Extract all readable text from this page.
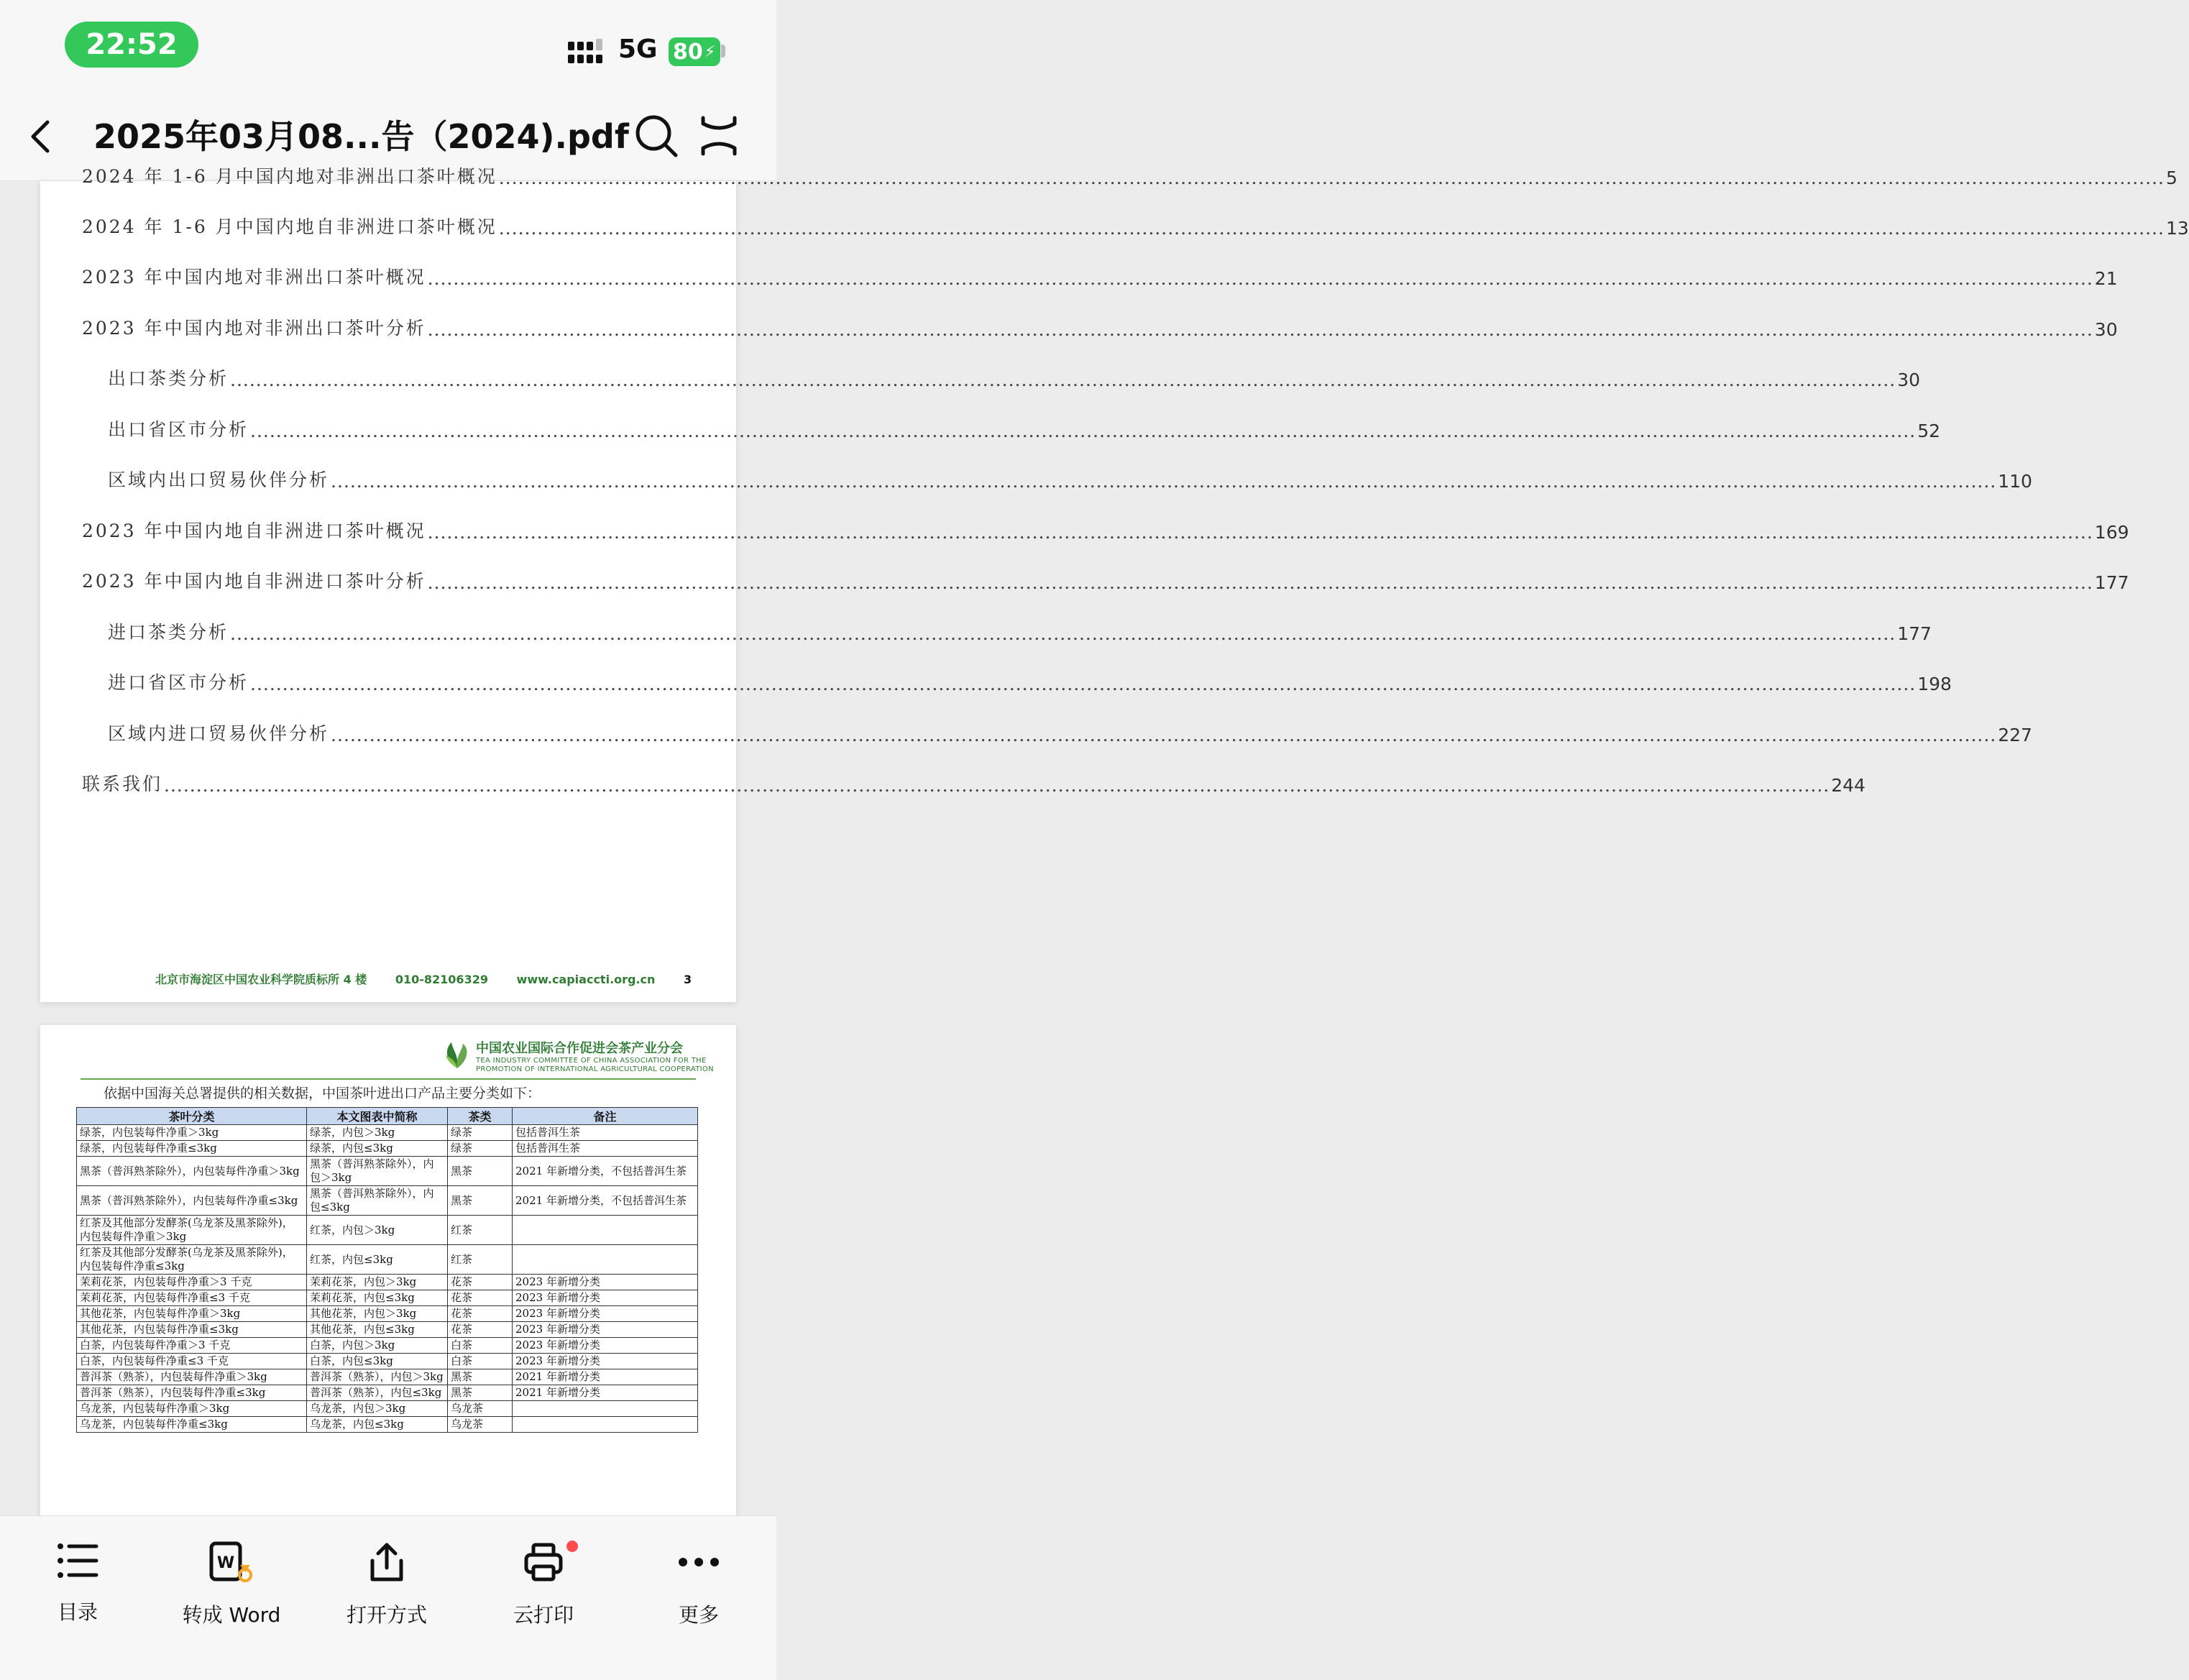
22:52	5G 80 ⚡
2025年03月08...告（2024).pdf
2024 年 1-6 月中国内地对非洲出口茶叶概况 .....	5
2024 年 1-6 月中国内地自非洲进口茶叶概况 .....	13
2023 年中国内地对非洲出口茶叶概况 .....	21
2023 年中国内地对非洲出口茶叶分析 .....	30
出口茶类分析 .....	30
出口省区市分析 .....	52
区域内出口贸易伙伴分析 .....	110
2023 年中国内地自非洲进口茶叶概况 .....	169
2023 年中国内地自非洲进口茶叶分析 .....	177
进口茶类分析 .....	177
进口省区市分析 .....	198
区域内进口贸易伙伴分析 .....	227
联系我们 .....	244
北京市海淀区中国农业科学院质标所 4 楼 010-82106329 www.capiaccti.org.cn 3
中国农业国际合作促进会茶产业分会
TEA INDUSTRY COMMITTEE OF CHINA ASSOCIATION FOR THE
PROMOTION OF INTERNATIONAL AGRICULTURAL COOPERATION
依据中国海关总署提供的相关数据，中国茶叶进出口产品主要分类如下：
茶叶分类	本文图表中简称	茶类	备注
绿茶，内包装每件净重＞3kg	绿茶，内包＞3kg	绿茶	包括普洱生茶
绿茶，内包装每件净重≤3kg	绿茶，内包≤3kg	绿茶	包括普洱生茶
黑茶（普洱熟茶除外），内包装每件净重＞3kg	黑茶（普洱熟茶除外），内包＞3kg	黑茶	2021 年新增分类，不包括普洱生茶
黑茶（普洱熟茶除外），内包装每件净重≤3kg	黑茶（普洱熟茶除外），内包≤3kg	黑茶	2021 年新增分类，不包括普洱生茶
红茶及其他部分发酵茶(乌龙茶及黑茶除外)，内包装每件净重＞3kg	红茶，内包＞3kg	红茶	
红茶及其他部分发酵茶(乌龙茶及黑茶除外)，内包装每件净重≤3kg	红茶，内包≤3kg	红茶	
茉莉花茶，内包装每件净重＞3 千克	茉莉花茶，内包＞3kg	花茶	2023 年新增分类
茉莉花茶，内包装每件净重≤3 千克	茉莉花茶，内包≤3kg	花茶	2023 年新增分类
其他花茶，内包装每件净重＞3kg	其他花茶，内包＞3kg	花茶	2023 年新增分类
其他花茶，内包装每件净重≤3kg	其他花茶，内包≤3kg	花茶	2023 年新增分类
白茶，内包装每件净重＞3 千克	白茶，内包＞3kg	白茶	2023 年新增分类
白茶，内包装每件净重≤3 千克	白茶，内包≤3kg	白茶	2023 年新增分类
普洱茶（熟茶），内包装每件净重＞3kg	普洱茶（熟茶），内包＞3kg	黑茶	2021 年新增分类
普洱茶（熟茶），内包装每件净重≤3kg	普洱茶（熟茶），内包≤3kg	黑茶	2021 年新增分类
乌龙茶，内包装每件净重＞3kg	乌龙茶，内包＞3kg	乌龙茶	
乌龙茶，内包装每件净重≤3kg	乌龙茶，内包≤3kg	乌龙茶	
目录
W
转成 Word	打开方式	云打印	更多
